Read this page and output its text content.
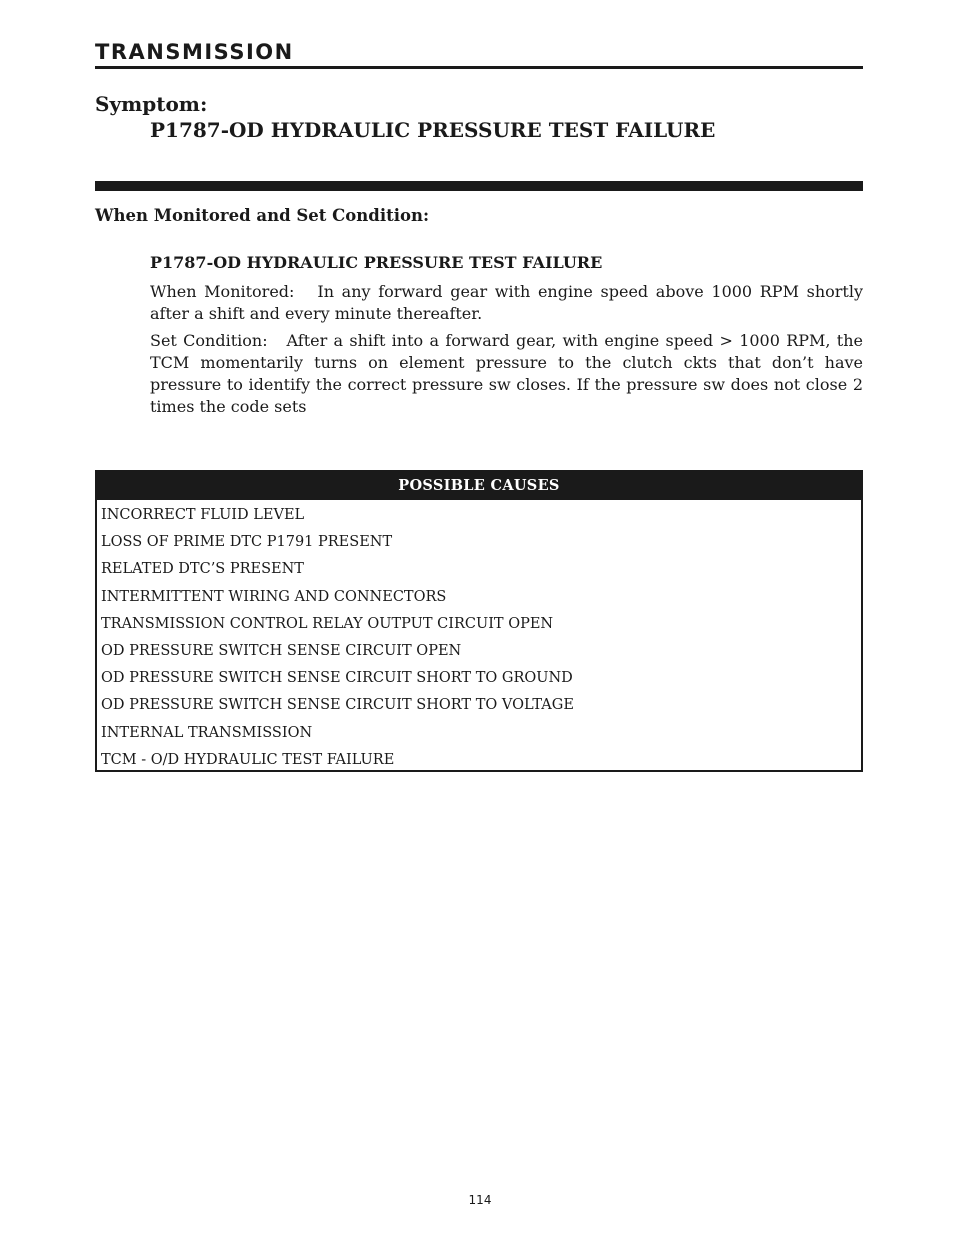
TRANSMISSION
Symptom:
P1787-OD HYDRAULIC PRESSURE TEST FAILURE
When Monitored and Set Condition:
P1787-OD HYDRAULIC PRESSURE TEST FAILURE
When Monitored: In any forward gear with engine speed above 1000 RPM shortly after a shift and every minute thereafter.
Set Condition: After a shift into a forward gear, with engine speed > 1000 RPM, the TCM momentarily turns on element pressure to the clutch ckts that don’t have pressure to identify the correct pressure sw closes. If the pressure sw does not close 2 times the code sets
POSSIBLE CAUSES
INCORRECT FLUID LEVEL
LOSS OF PRIME DTC P1791 PRESENT
RELATED DTC’S PRESENT
INTERMITTENT WIRING AND CONNECTORS
TRANSMISSION CONTROL RELAY OUTPUT CIRCUIT OPEN
OD PRESSURE SWITCH SENSE CIRCUIT OPEN
OD PRESSURE SWITCH SENSE CIRCUIT SHORT TO GROUND
OD PRESSURE SWITCH SENSE CIRCUIT SHORT TO VOLTAGE
INTERNAL TRANSMISSION
TCM - O/D HYDRAULIC TEST FAILURE
114
